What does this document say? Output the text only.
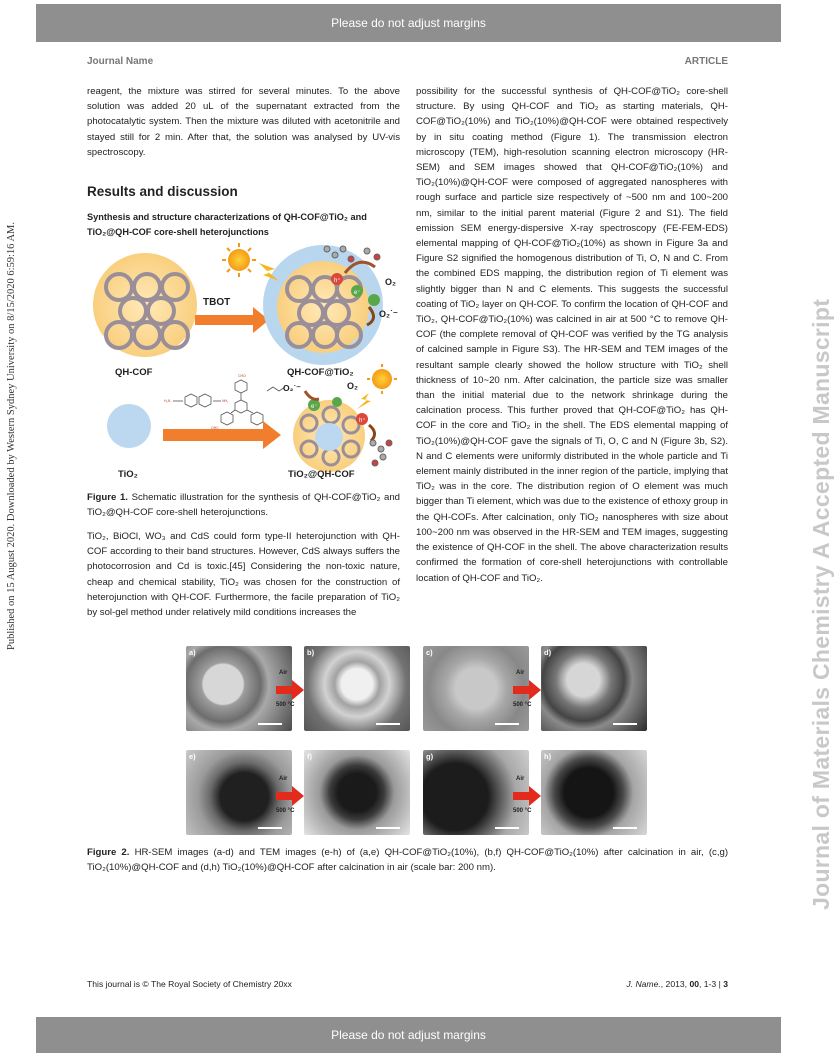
Please do not adjust margins
Journal Name	ARTICLE
Published on 15 August 2020. Downloaded by Western Sydney University on 8/15/2020 6:59:16 AM.	Journal of Materials Chemistry A Accepted Manuscript

reagent, the mixture was stirred for several minutes. To the above solution was added 20 uL of the supernatant extracted from the photocatalytic system. Then the mixture was diluted with acetonitrile and stayed still for 2 min. After that, the solution was analysed by UV-vis spectroscopy.

Results and discussion
Synthesis and structure characterizations of QH-COF@TiO₂ and TiO₂@QH-COF core-shell heterojunctions
O₂
O₂˙⁻
h⁺
e⁻
TBOT
QH-COF	QH-COF@TiO₂
H₂N	NH₂
CHO
OHC
O₂˙⁻	O₂
e⁻
h⁺
TiO₂	TiO₂@QH-COF
Figure 1. Schematic illustration for the synthesis of QH-COF@TiO₂ and TiO₂@QH-COF core-shell heterojunctions.

TiO₂, BiOCl, WO₃ and CdS could form type-II heterojunction with QH-COF according to their band structures. However, CdS always suffers the photocorrosion and Cd is toxic.[45] Considering the non-toxic nature, cheap and chemical stability, TiO₂ was chosen for the construction of heterojunction with QH-COF. Furthermore, the facile preparation of TiO₂ by sol-gel method under relatively mild conditions increases the

possibility for the successful synthesis of QH-COF@TiO₂ core-shell structure. By using QH-COF and TiO₂ as starting materials, QH-COF@TiO₂(10%) and TiO₂(10%)@QH-COF were obtained respectively by in situ coating method (Figure 1). The transmission electron microscopy (TEM), high-resolution scanning electron microscopy (HR-SEM) and SEM images showed that QH-COF@TiO₂(10%) and TiO₂(10%)@QH-COF were composed of aggregated nanospheres with rough surface and particle size respectively of ~500 nm and 100~200 nm, similar to the initial parent material (Figure 2 and S1). The field emission SEM energy-dispersive X-ray spectroscopy (FE-FEM-EDS) elemental mapping of QH-COF@TiO₂(10%) as shown in Figure 3a and Figure S2 signified the homogenous distribution of Ti, O, N and C. From the combined EDS mapping, the distribution region of Ti element was slightly bigger than N and C elements. This suggests the successful coating of TiO₂ layer on QH-COF. To confirm the location of QH-COF and TiO₂, QH-COF@TiO₂(10%) was calcined in air at 500 °C to remove QH-COF (the complete removal of QH-COF was verified by the TG analysis of calcined sample in Figure S3). The HR-SEM and TEM images of the resultant sample clearly showed the hollow structure with TiO₂ shell thickness of 10~20 nm. After calcination, the particle size was smaller than the initial material due to the network shrinkage during the calcination process. This further proved that QH-COF@TiO₂ has QH-COF in the core and TiO₂ in the shell. The EDS elemental mapping of TiO₂(10%)@QH-COF gave the signals of Ti, O, C and N (Figure 3b, S2). N and C elements were uniformly distributed in the whole particle and Ti element mainly distributed in the inner region of the particle, implying that TiO₂ was in the core. The distribution region of O element was much bigger than Ti element, which was due to the existence of ethoxy group in the QH-COFs. After calcination, only TiO₂ nanospheres with size about 100~200 nm was observed in the HR-SEM and TEM images, suggesting the existence of QH-COF in the shell. The above characterization results confirmed the formation of core-shell heterojunctions with controllable location of QH-COF and TiO₂.

a)	b)	c)	d)
e)	f)	g)	h)
Air
500 °C
Air
500 °C
Air
500 °C
Air
500 °C
Figure 2. HR-SEM images (a-d) and TEM images (e-h) of (a,e) QH-COF@TiO₂(10%), (b,f) QH-COF@TiO₂(10%) after calcination in air, (c,g) TiO₂(10%)@QH-COF and (d,h) TiO₂(10%)@QH-COF after calcination in air (scale bar: 200 nm).
This journal is © The Royal Society of Chemistry 20xx	J. Name., 2013, 00, 1-3 | 3
Please do not adjust margins
